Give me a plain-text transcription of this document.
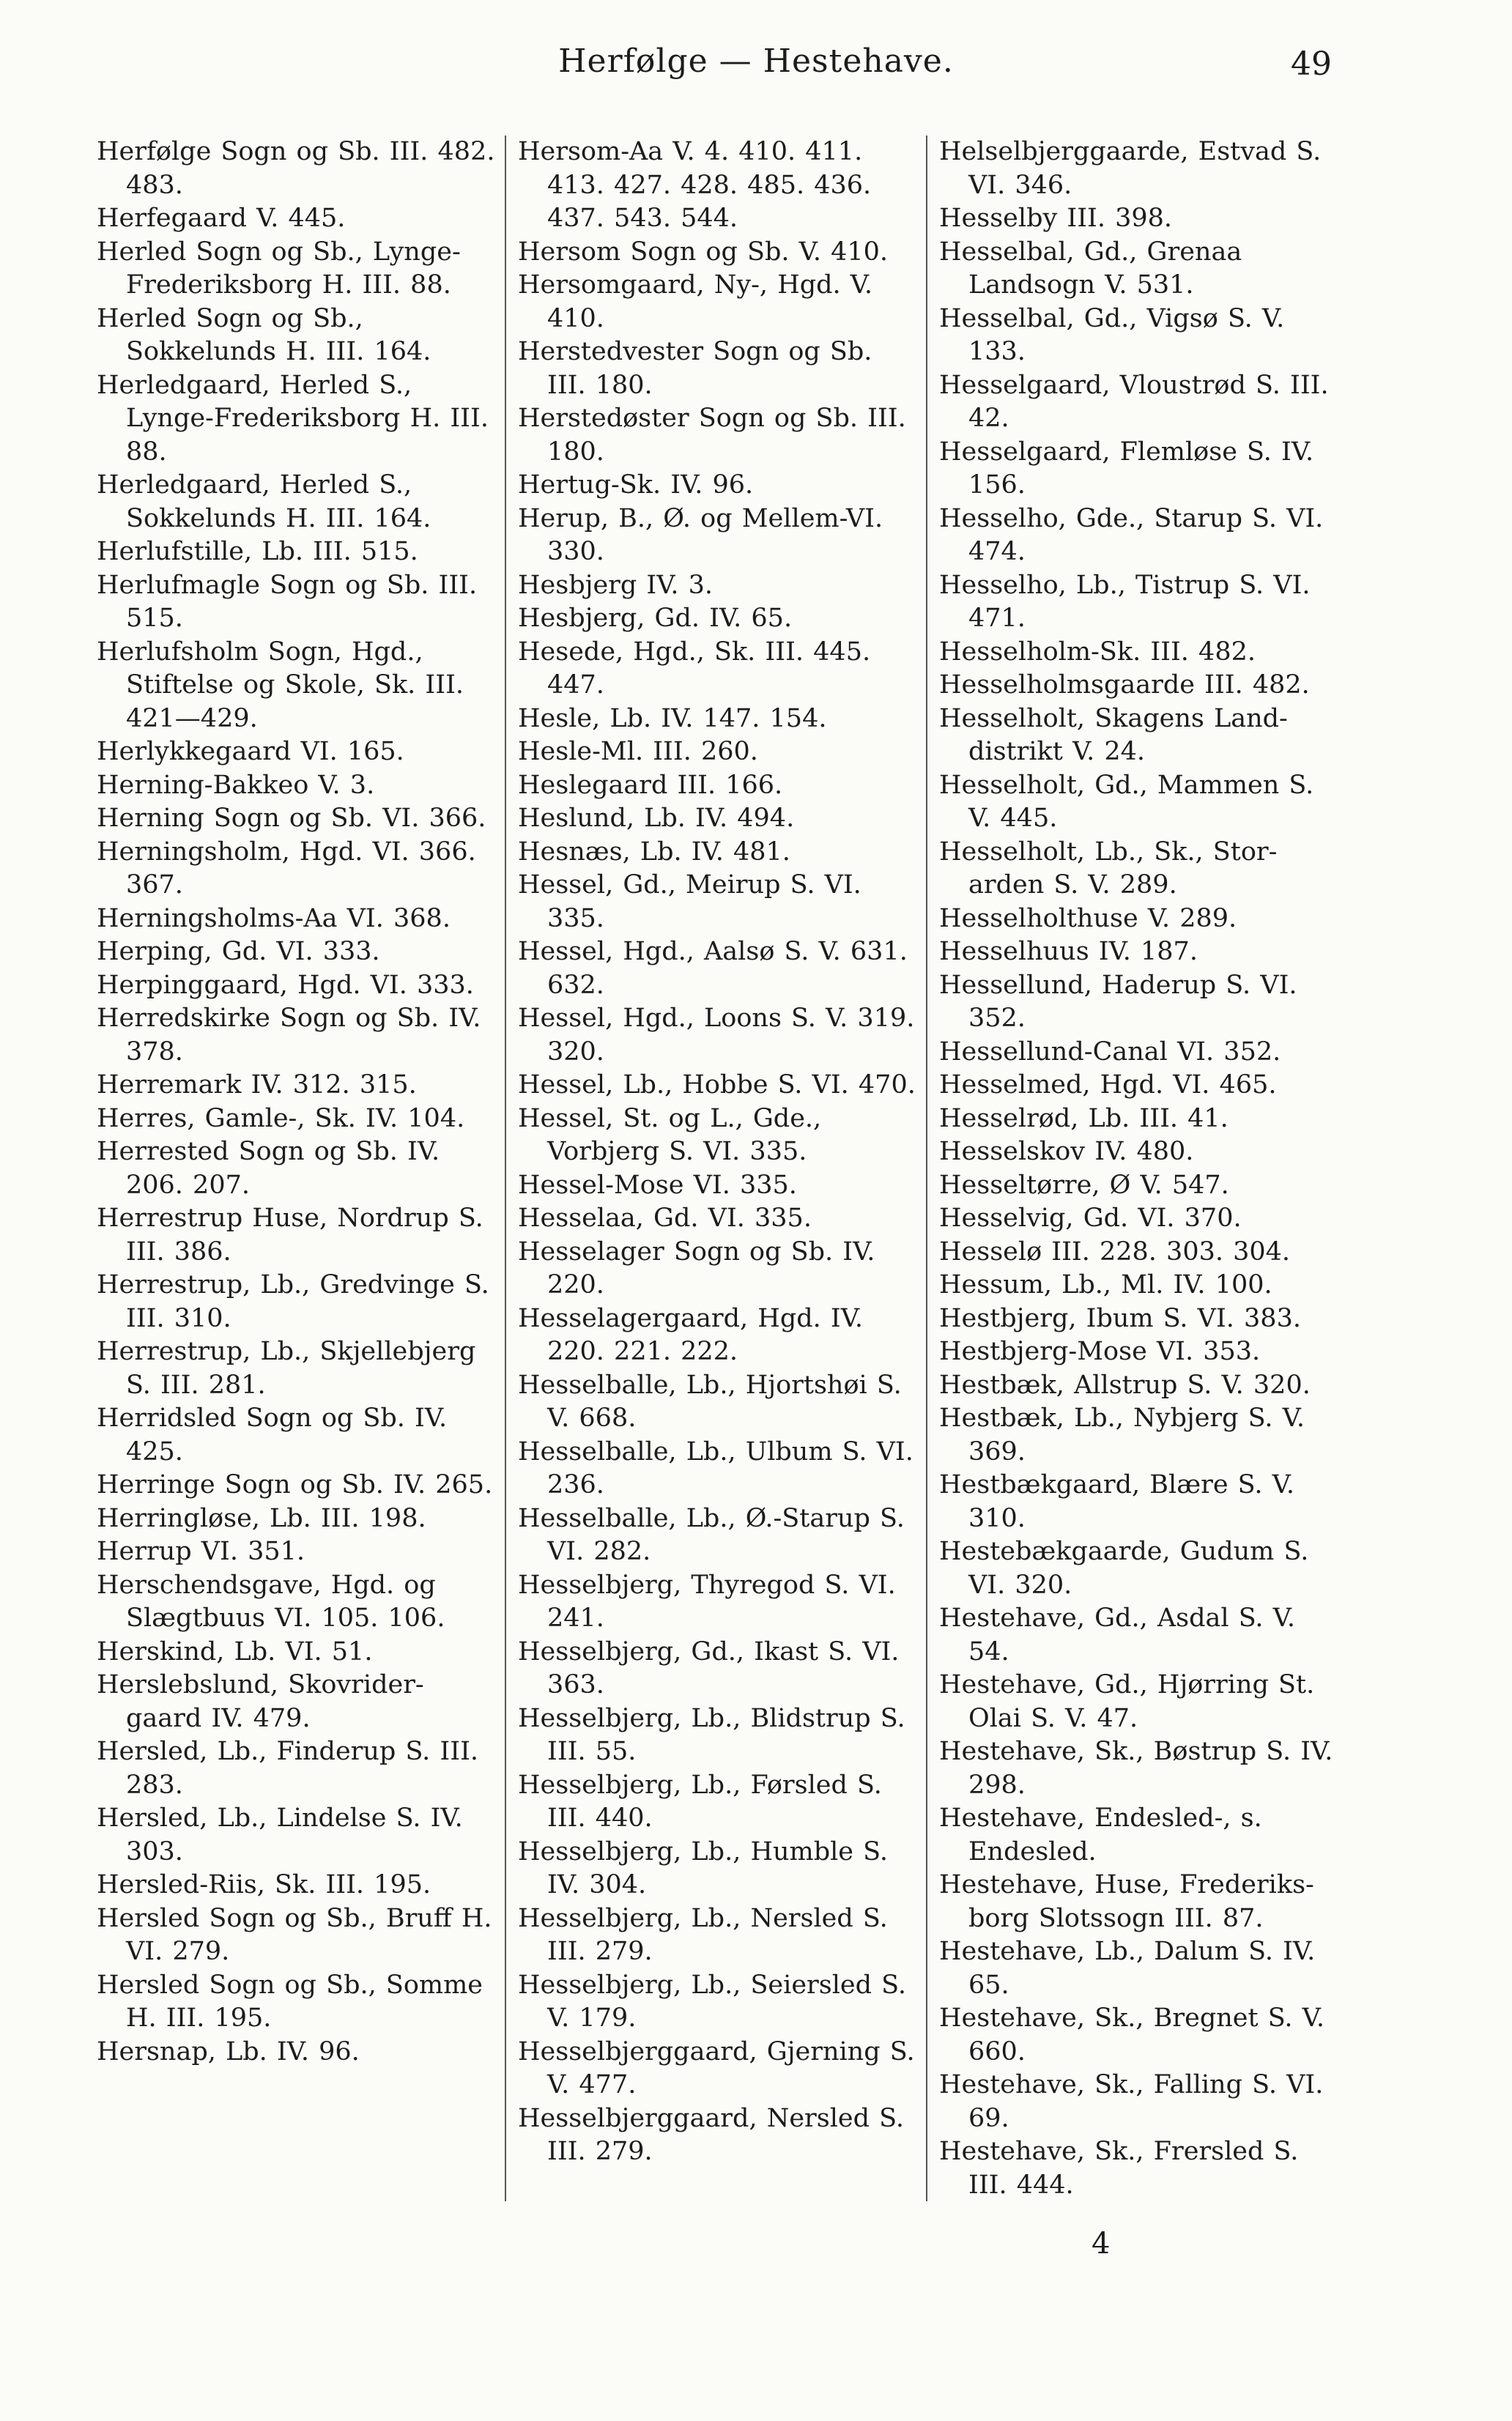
Herfølge — Hestehave.	49

Herfølge Sogn og Sb. III. 482. 483.

Herfegaard V. 445.

Herled Sogn og Sb., Lynge-Frederiksborg H. III. 88.

Herled Sogn og Sb., Sokkelunds H. III. 164.

Herledgaard, Herled S., Lynge-Frederiksborg H. III. 88.

Herledgaard, Herled S., Sokkelunds H. III. 164.

Herlufstille, Lb. III. 515.

Herlufmagle Sogn og Sb. III. 515.

Herlufsholm Sogn, Hgd., Stiftelse og Skole, Sk. III. 421—429.

Herlykkegaard VI. 165.

Herning-Bakkeo V. 3.

Herning Sogn og Sb. VI. 366.

Herningsholm, Hgd. VI. 366. 367.

Herningsholms-Aa VI. 368.

Herping, Gd. VI. 333.

Herpinggaard, Hgd. VI. 333.

Herredskirke Sogn og Sb. IV. 378.

Herremark IV. 312. 315.

Herres, Gamle-, Sk. IV. 104.

Herrested Sogn og Sb. IV. 206. 207.

Herrestrup Huse, Nordrup S. III. 386.

Herrestrup, Lb., Gredvinge S. III. 310.

Herrestrup, Lb., Skjellebjerg S. III. 281.

Herridsled Sogn og Sb. IV. 425.

Herringe Sogn og Sb. IV. 265.

Herringløse, Lb. III. 198.

Herrup VI. 351.

Herschendsgave, Hgd. og Slægtbuus VI. 105. 106.

Herskind, Lb. VI. 51.

Herslebslund, Skovrider-gaard IV. 479.

Hersled, Lb., Finderup S. III. 283.

Hersled, Lb., Lindelse S. IV. 303.

Hersled-Riis, Sk. III. 195.

Hersled Sogn og Sb., Bruff H. VI. 279.

Hersled Sogn og Sb., Somme H. III. 195.

Hersnap, Lb. IV. 96.

Hersom-Aa V. 4. 410. 411. 413. 427. 428. 485. 436. 437. 543. 544.

Hersom Sogn og Sb. V. 410.

Hersomgaard, Ny-, Hgd. V. 410.

Herstedvester Sogn og Sb. III. 180.

Herstedøster Sogn og Sb. III. 180.

Hertug-Sk. IV. 96.

Herup, B., Ø. og Mellem-VI. 330.

Hesbjerg IV. 3.

Hesbjerg, Gd. IV. 65.

Hesede, Hgd., Sk. III. 445. 447.

Hesle, Lb. IV. 147. 154.

Hesle-Ml. III. 260.

Heslegaard III. 166.

Heslund, Lb. IV. 494.

Hesnæs, Lb. IV. 481.

Hessel, Gd., Meirup S. VI. 335.

Hessel, Hgd., Aalsø S. V. 631. 632.

Hessel, Hgd., Loons S. V. 319. 320.

Hessel, Lb., Hobbe S. VI. 470.

Hessel, St. og L., Gde., Vorbjerg S. VI. 335.

Hessel-Mose VI. 335.

Hesselaa, Gd. VI. 335.

Hesselager Sogn og Sb. IV. 220.

Hesselagergaard, Hgd. IV. 220. 221. 222.

Hesselballe, Lb., Hjortshøi S. V. 668.

Hesselballe, Lb., Ulbum S. VI. 236.

Hesselballe, Lb., Ø.-Starup S. VI. 282.

Hesselbjerg, Thyregod S. VI. 241.

Hesselbjerg, Gd., Ikast S. VI. 363.

Hesselbjerg, Lb., Blidstrup S. III. 55.

Hesselbjerg, Lb., Førsled S. III. 440.

Hesselbjerg, Lb., Humble S. IV. 304.

Hesselbjerg, Lb., Nersled S. III. 279.

Hesselbjerg, Lb., Seiersled S. V. 179.

Hesselbjerggaard, Gjerning S. V. 477.

Hesselbjerggaard, Nersled S. III. 279.

Helselbjerggaarde, Estvad S. VI. 346.

Hesselby III. 398.

Hesselbal, Gd., Grenaa Landsogn V. 531.

Hesselbal, Gd., Vigsø S. V. 133.

Hesselgaard, Vloustrød S. III. 42.

Hesselgaard, Flemløse S. IV. 156.

Hesselho, Gde., Starup S. VI. 474.

Hesselho, Lb., Tistrup S. VI. 471.

Hesselholm-Sk. III. 482.

Hesselholmsgaarde III. 482.

Hesselholt, Skagens Land-distrikt V. 24.

Hesselholt, Gd., Mammen S. V. 445.

Hesselholt, Lb., Sk., Stor-arden S. V. 289.

Hesselholthuse V. 289.

Hesselhuus IV. 187.

Hessellund, Haderup S. VI. 352.

Hessellund-Canal VI. 352.

Hesselmed, Hgd. VI. 465.

Hesselrød, Lb. III. 41.

Hesselskov IV. 480.

Hesseltørre, Ø V. 547.

Hesselvig, Gd. VI. 370.

Hesselø III. 228. 303. 304.

Hessum, Lb., Ml. IV. 100.

Hestbjerg, Ibum S. VI. 383.

Hestbjerg-Mose VI. 353.

Hestbæk, Allstrup S. V. 320.

Hestbæk, Lb., Nybjerg S. V. 369.

Hestbækgaard, Blære S. V. 310.

Hestebækgaarde, Gudum S. VI. 320.

Hestehave, Gd., Asdal S. V. 54.

Hestehave, Gd., Hjørring St. Olai S. V. 47.

Hestehave, Sk., Bøstrup S. IV. 298.

Hestehave, Endesled-, s. Endesled.

Hestehave, Huse, Frederiks-borg Slotssogn III. 87.

Hestehave, Lb., Dalum S. IV. 65.

Hestehave, Sk., Bregnet S. V. 660.

Hestehave, Sk., Falling S. VI. 69.

Hestehave, Sk., Frersled S. III. 444.

4
